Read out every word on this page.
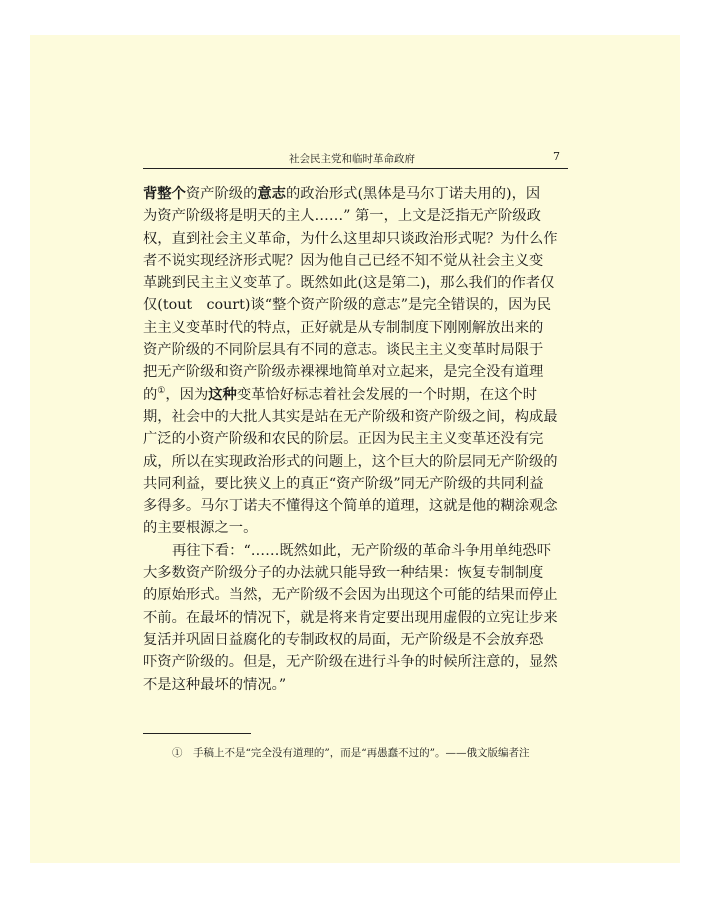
社会民主党和临时革命政府	7
背整个资产阶级的意志的政治形式(黑体是马尔丁诺夫用的)，因
为资产阶级将是明天的主人……” 第一，上文是泛指无产阶级政
权，直到社会主义革命，为什么这里却只谈政治形式呢？为什么作
者不说实现经济形式呢？因为他自己已经不知不觉从社会主义变
革跳到民主主义变革了。既然如此(这是第二)，那么我们的作者仅
仅(tout　court)谈“整个资产阶级的意志”是完全错误的，因为民
主主义变革时代的特点，正好就是从专制制度下刚刚解放出来的
资产阶级的不同阶层具有不同的意志。谈民主主义变革时局限于
把无产阶级和资产阶级赤裸裸地简单对立起来，是完全没有道理
的①，因为这种变革恰好标志着社会发展的一个时期，在这个时
期，社会中的大批人其实是站在无产阶级和资产阶级之间，构成最
广泛的小资产阶级和农民的阶层。正因为民主主义变革还没有完
成，所以在实现政治形式的问题上，这个巨大的阶层同无产阶级的
共同利益，要比狭义上的真正“资产阶级”同无产阶级的共同利益
多得多。马尔丁诺夫不懂得这个简单的道理，这就是他的糊涂观念
的主要根源之一。
再往下看：“……既然如此，无产阶级的革命斗争用单纯恐吓
大多数资产阶级分子的办法就只能导致一种结果：恢复专制制度
的原始形式。当然，无产阶级不会因为出现这个可能的结果而停止
不前。在最坏的情况下，就是将来肯定要出现用虚假的立宪让步来
复活并巩固日益腐化的专制政权的局面，无产阶级是不会放弃恐
吓资产阶级的。但是，无产阶级在进行斗争的时候所注意的，显然
不是这种最坏的情况。”
①　手稿上不是“完全没有道理的”，而是“再愚蠢不过的”。——俄文版编者注
